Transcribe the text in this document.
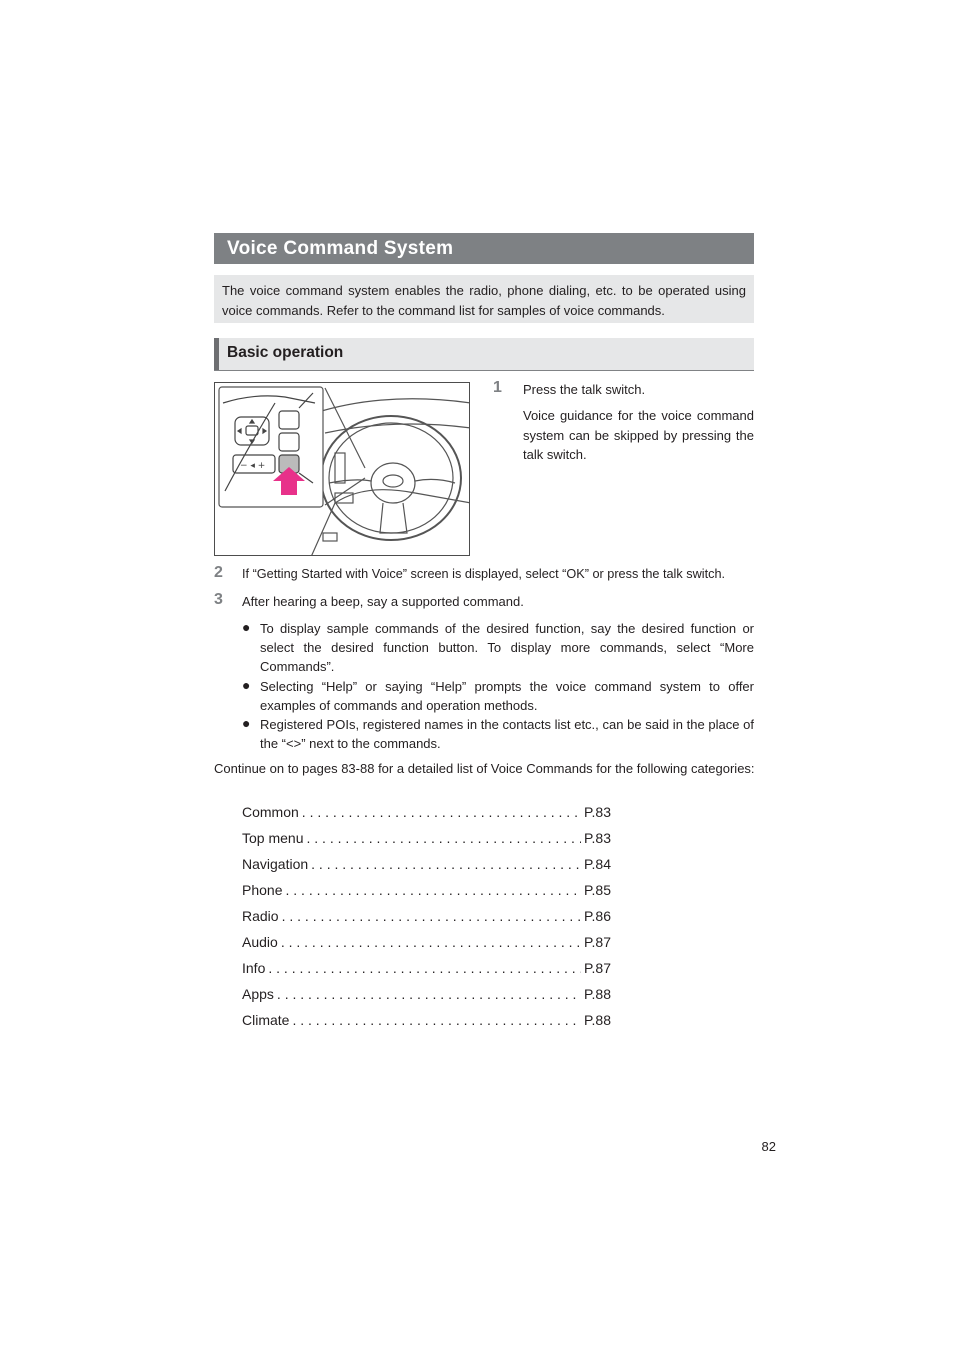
Voice Command System
The voice command system enables the radio, phone dialing, etc. to be operated using voice commands. Refer to the command list for samples of voice commands.
Basic operation
− ◂ +
1 Press the talk switch.
Voice guidance for the voice command system can be skipped by pressing the talk switch.
2 If “Getting Started with Voice” screen is displayed, select “OK” or press the talk switch.
3 After hearing a beep, say a supported command.
● To display sample commands of the desired function, say the desired function or select the desired function button. To display more commands, select “More Commands”.
● Selecting “Help” or saying “Help” prompts the voice command system to offer examples of commands and operation methods.
● Registered POIs, registered names in the contacts list etc., can be said in the place of the “<>” next to the commands.
Continue on to pages 83-88 for a detailed list of Voice Commands for the following categories:
Common . . .	P.83
Top menu . . .	P.83
Navigation . . .	P.84
Phone . . .	P.85
Radio . . .	P.86
Audio . . .	P.87
Info . . .	P.87
Apps . . .	P.88
Climate . . .	P.88
82
